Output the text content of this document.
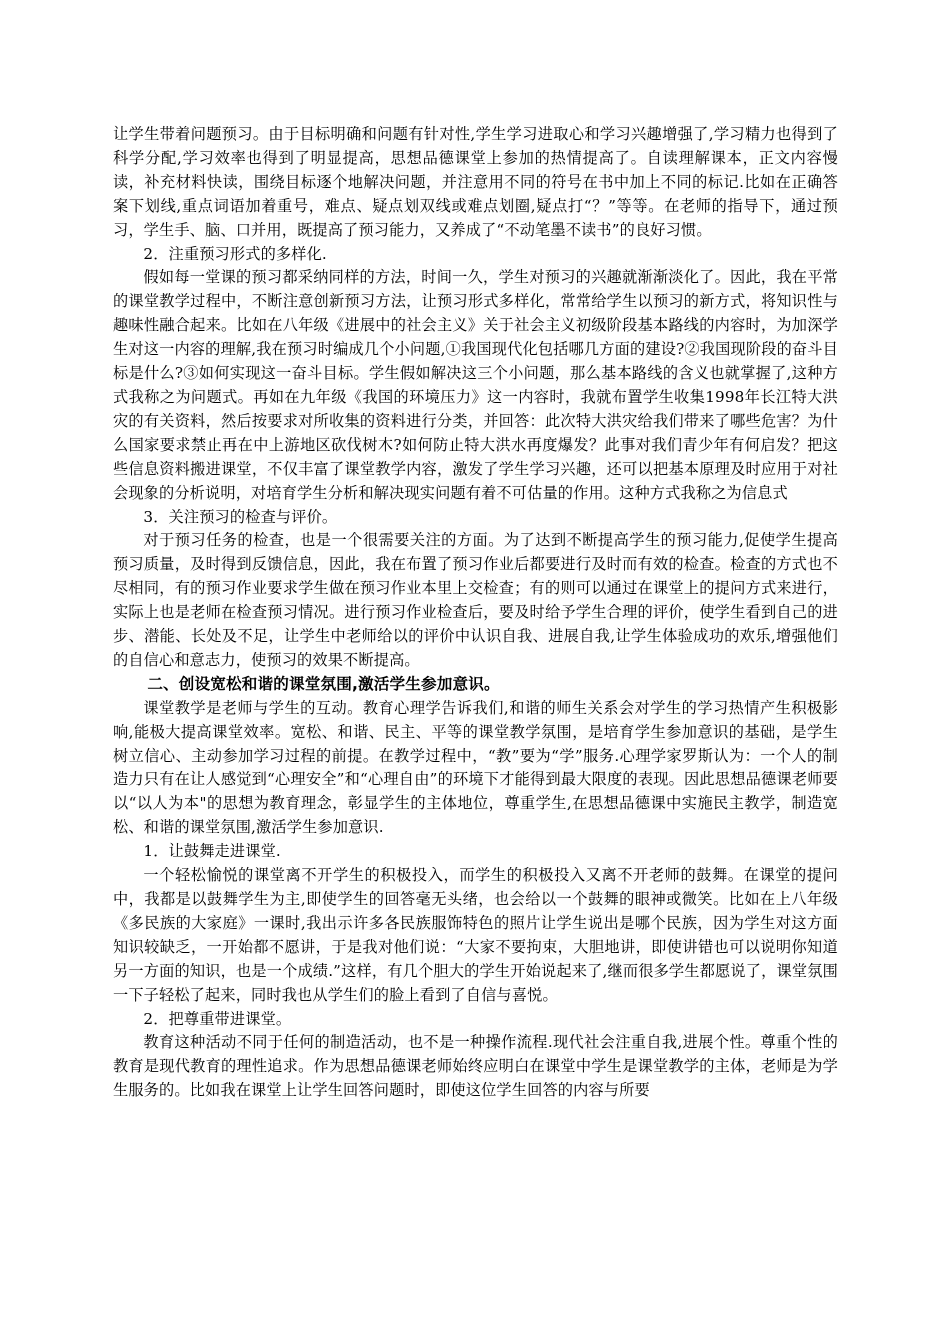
让学生带着问题预习。由于目标明确和问题有针对性,学生学习进取心和学习兴趣增强了,学习精力也得到了科学分配,学习效率也得到了明显提高，思想品德课堂上参加的热情提高了。自读理解课本，正文内容慢读，补充材料快读，围绕目标逐个地解决问题，并注意用不同的符号在书中加上不同的标记.比如在正确答案下划线,重点词语加着重号，难点、疑点划双线或难点划圈,疑点打“？”等等。在老师的指导下，通过预习，学生手、脑、口并用，既提高了预习能力，又养成了“不动笔墨不读书”的良好习惯。

2．注重预习形式的多样化.

假如每一堂课的预习都采纳同样的方法，时间一久，学生对预习的兴趣就渐渐淡化了。因此，我在平常的课堂教学过程中，不断注意创新预习方法，让预习形式多样化，常常给学生以预习的新方式，将知识性与趣味性融合起来。比如在八年级《进展中的社会主义》关于社会主义初级阶段基本路线的内容时，为加深学生对这一内容的理解,我在预习时编成几个小问题,①我国现代化包括哪几方面的建设?②我国现阶段的奋斗目标是什么?③如何实现这一奋斗目标。学生假如解决这三个小问题，那么基本路线的含义也就掌握了,这种方式我称之为问题式。再如在九年级《我国的环境压力》这一内容时，我就布置学生收集1998年长江特大洪灾的有关资料，然后按要求对所收集的资料进行分类，并回答：此次特大洪灾给我们带来了哪些危害？为什么国家要求禁止再在中上游地区砍伐树木?如何防止特大洪水再度爆发？此事对我们青少年有何启发？把这些信息资料搬进课堂，不仅丰富了课堂教学内容，激发了学生学习兴趣，还可以把基本原理及时应用于对社会现象的分析说明，对培育学生分析和解决现实问题有着不可估量的作用。这种方式我称之为信息式

3．关注预习的检查与评价。

对于预习任务的检查，也是一个很需要关注的方面。为了达到不断提高学生的预习能力,促使学生提高预习质量，及时得到反馈信息，因此，我在布置了预习作业后都要进行及时而有效的检查。检查的方式也不尽相同，有的预习作业要求学生做在预习作业本里上交检查；有的则可以通过在课堂上的提问方式来进行，实际上也是老师在检查预习情况。进行预习作业检查后，要及时给予学生合理的评价，使学生看到自己的进步、潜能、长处及不足，让学生中老师给以的评价中认识自我、进展自我,让学生体验成功的欢乐,增强他们的自信心和意志力，使预习的效果不断提高。

二、创设宽松和谐的课堂氛围,激活学生参加意识。

课堂教学是老师与学生的互动。教育心理学告诉我们,和谐的师生关系会对学生的学习热情产生积极影响,能极大提高课堂效率。宽松、和谐、民主、平等的课堂教学氛围，是培育学生参加意识的基础，是学生树立信心、主动参加学习过程的前提。在教学过程中，“教”要为“学”服务.心理学家罗斯认为：一个人的制造力只有在让人感觉到“心理安全”和“心理自由”的环境下才能得到最大限度的表现。因此思想品德课老师要以“以人为本"的思想为教育理念，彰显学生的主体地位，尊重学生,在思想品德课中实施民主教学，制造宽松、和谐的课堂氛围,激活学生参加意识.

1．让鼓舞走进课堂.

一个轻松愉悦的课堂离不开学生的积极投入，而学生的积极投入又离不开老师的鼓舞。在课堂的提问中，我都是以鼓舞学生为主,即使学生的回答毫无头绪，也会给以一个鼓舞的眼神或微笑。比如在上八年级《多民族的大家庭》一课时,我出示许多各民族服饰特色的照片让学生说出是哪个民族，因为学生对这方面知识较缺乏，一开始都不愿讲，于是我对他们说：“大家不要拘束，大胆地讲，即使讲错也可以说明你知道另一方面的知识，也是一个成绩.”这样，有几个胆大的学生开始说起来了,继而很多学生都愿说了，课堂氛围一下子轻松了起来，同时我也从学生们的脸上看到了自信与喜悦。

2．把尊重带进课堂。

教育这种活动不同于任何的制造活动，也不是一种操作流程.现代社会注重自我,进展个性。尊重个性的教育是现代教育的理性追求。作为思想品德课老师始终应明白在课堂中学生是课堂教学的主体，老师是为学生服务的。比如我在课堂上让学生回答问题时，即使这位学生回答的内容与所要
